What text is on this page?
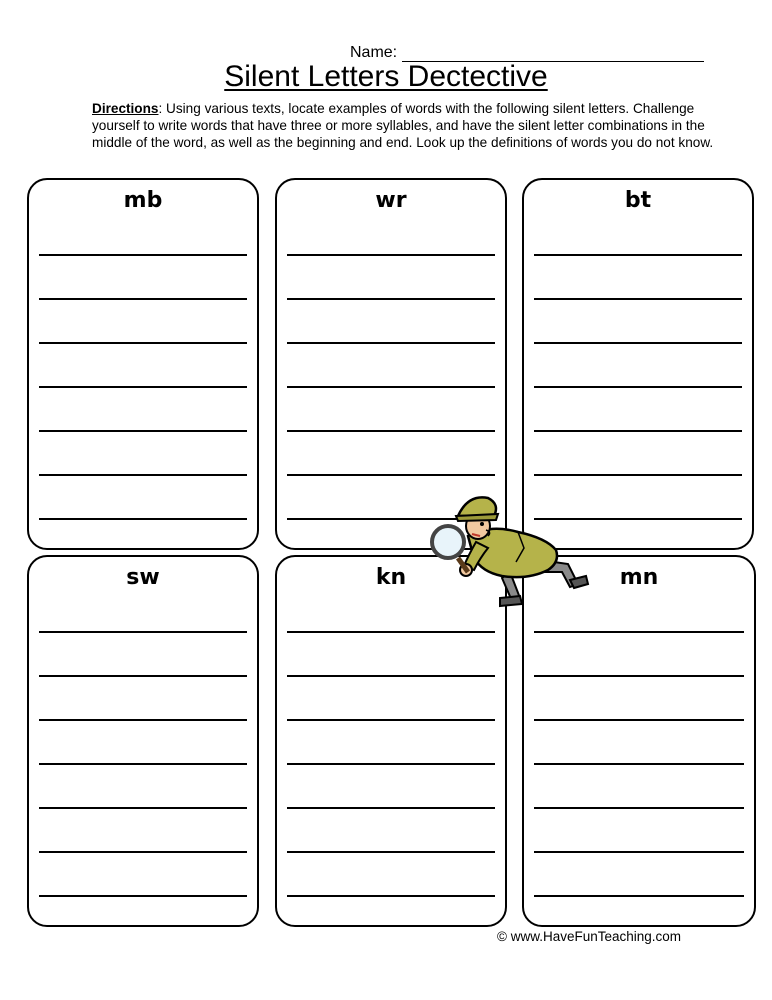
Name:
Silent Letters Dectective
Directions: Using various texts, locate examples of words with the following silent letters. Challenge yourself to write words that have three or more syllables, and have the silent letter combinations in the middle of the word, as well as the beginning and end. Look up the definitions of words you do not know.
mb	wr	bt
sw	kn	mn
© www.HaveFunTeaching.com
